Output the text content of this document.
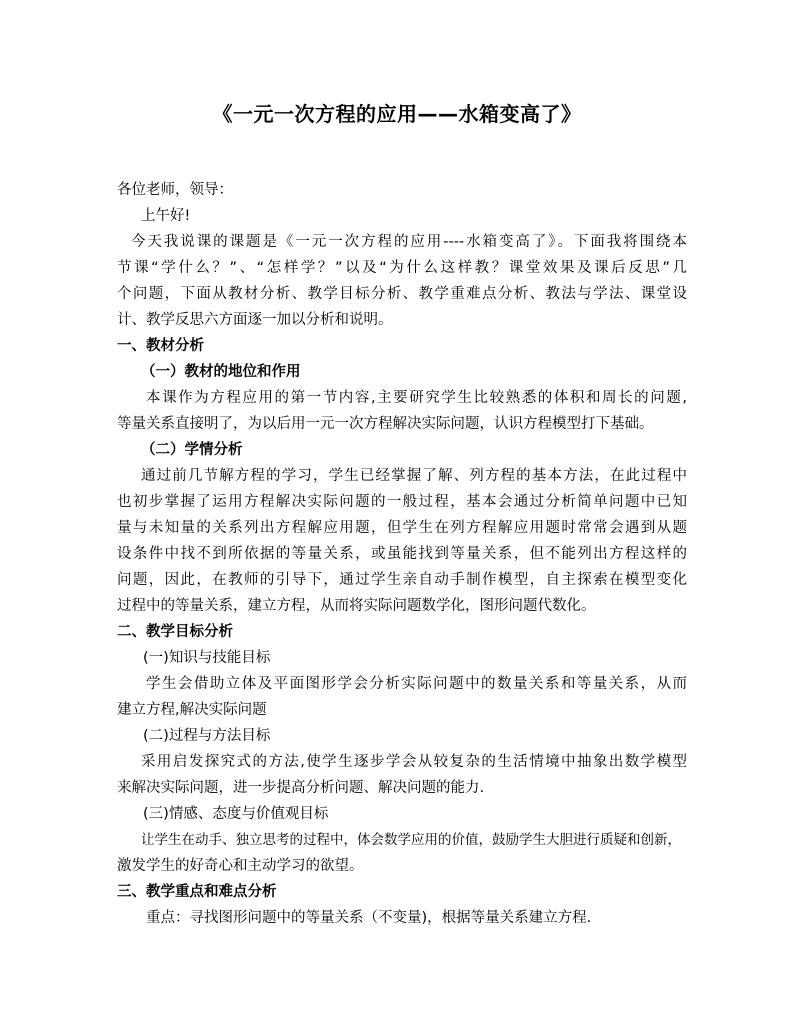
《一元一次方程的应用——水箱变高了》
各位老师，领导：
上午好!
今天我说课的课题是《一元一次方程的应用----水箱变高了》。下面我将围绕本
节课“学什么？”、“怎样学？”以及“为什么这样教？课堂效果及课后反思”几
个问题，下面从教材分析、教学目标分析、教学重难点分析、教法与学法、课堂设
计、教学反思六方面逐一加以分析和说明。
一、教材分析
（一）教材的地位和作用
本课作为方程应用的第一节内容,主要研究学生比较熟悉的体积和周长的问题,
等量关系直接明了，为以后用一元一次方程解决实际问题，认识方程模型打下基础。
（二）学情分析
通过前几节解方程的学习，学生已经掌握了解、列方程的基本方法，在此过程中
也初步掌握了运用方程解决实际问题的一般过程，基本会通过分析简单问题中已知
量与未知量的关系列出方程解应用题，但学生在列方程解应用题时常常会遇到从题
设条件中找不到所依据的等量关系，或虽能找到等量关系，但不能列出方程这样的
问题，因此，在教师的引导下，通过学生亲自动手制作模型，自主探索在模型变化
过程中的等量关系，建立方程，从而将实际问题数学化，图形问题代数化。
二、教学目标分析
(一)知识与技能目标
学生会借助立体及平面图形学会分析实际问题中的数量关系和等量关系，从而
建立方程,解决实际问题
(二)过程与方法目标
采用启发探究式的方法,使学生逐步学会从较复杂的生活情境中抽象出数学模型
来解决实际问题，进一步提高分析问题、解决问题的能力.
(三)情感、态度与价值观目标
让学生在动手、独立思考的过程中，体会数学应用的价值，鼓励学生大胆进行质疑和创新，
激发学生的好奇心和主动学习的欲望。
三、教学重点和难点分析
重点：寻找图形问题中的等量关系（不变量)，根据等量关系建立方程.
